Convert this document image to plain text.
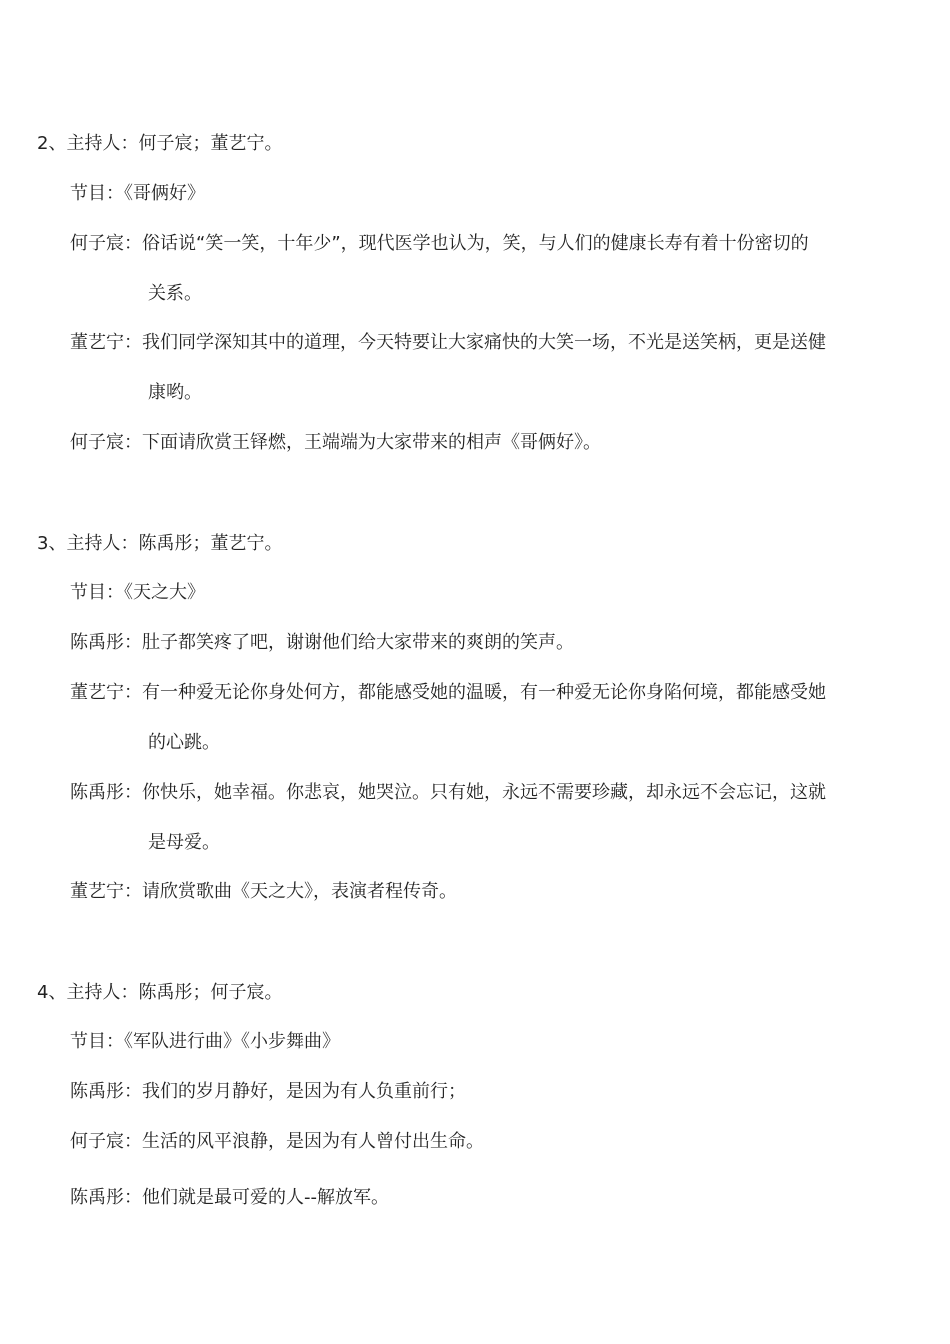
2、主持人：何子宸；董艺宁。
节目：《哥俩好》
何子宸：俗话说“笑一笑，十年少”，现代医学也认为，笑，与人们的健康长寿有着十份密切的
关系。
董艺宁：我们同学深知其中的道理，今天特要让大家痛快的大笑一场，不光是送笑柄，更是送健
康哟。
何子宸：下面请欣赏王铎燃，王端端为大家带来的相声《哥俩好》。
3、主持人：陈禹彤；董艺宁。
节目：《天之大》
陈禹彤：肚子都笑疼了吧，谢谢他们给大家带来的爽朗的笑声。
董艺宁：有一种爱无论你身处何方，都能感受她的温暖，有一种爱无论你身陷何境，都能感受她
的心跳。
陈禹彤：你快乐，她幸福。你悲哀，她哭泣。只有她，永远不需要珍藏，却永远不会忘记，这就
是母爱。
董艺宁：请欣赏歌曲《天之大》，表演者程传奇。
4、主持人：陈禹彤；何子宸。
节目：《军队进行曲》《小步舞曲》
陈禹彤：我们的岁月静好，是因为有人负重前行；
何子宸：生活的风平浪静，是因为有人曾付出生命。
陈禹彤：他们就是最可爱的人--解放军。
